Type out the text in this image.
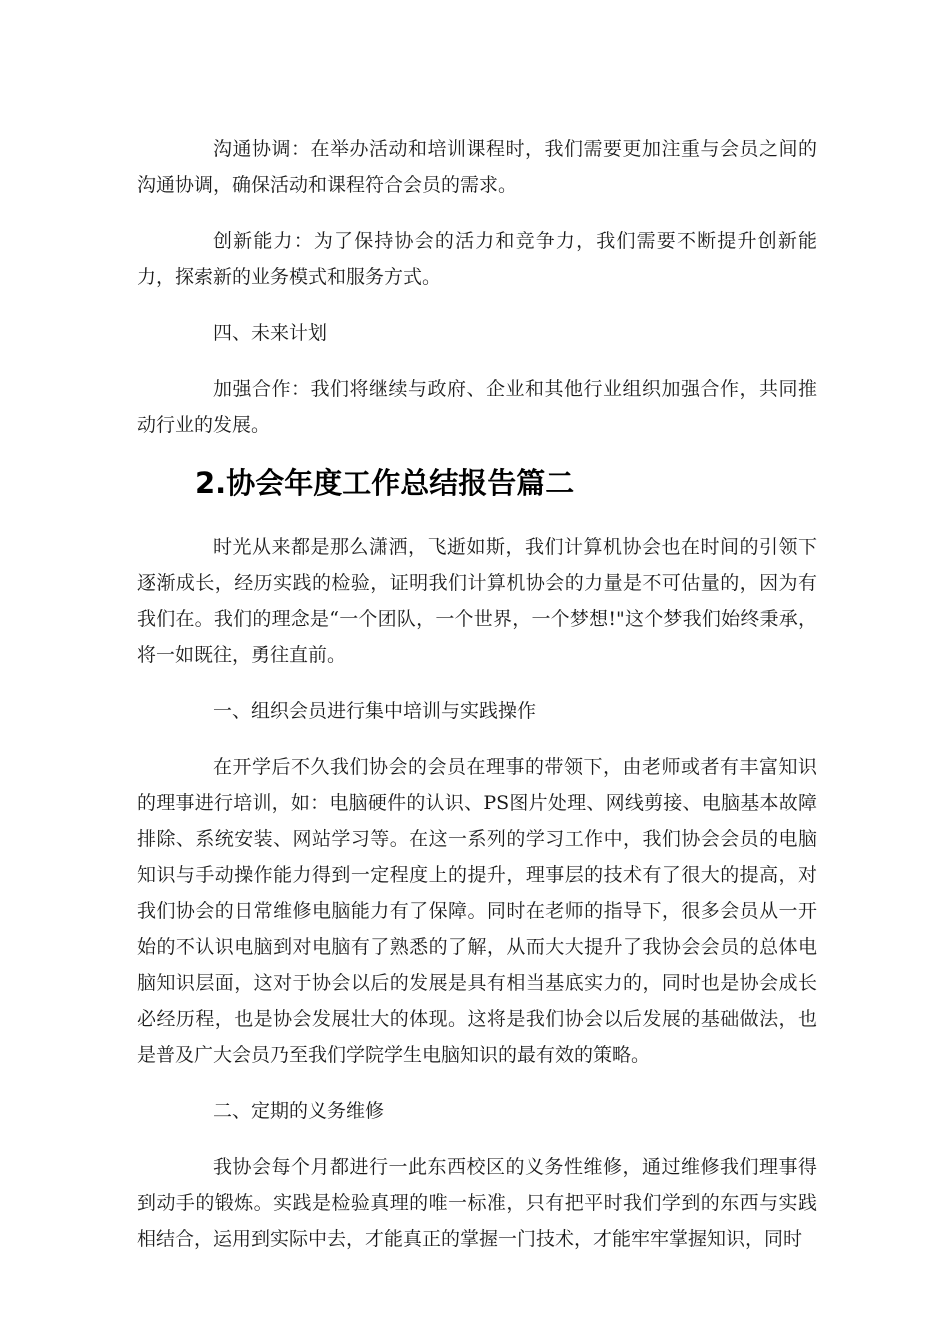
沟通协调：在举办活动和培训课程时，我们需要更加注重与会员之间的沟通协调，确保活动和课程符合会员的需求。

创新能力：为了保持协会的活力和竞争力，我们需要不断提升创新能力，探索新的业务模式和服务方式。

四、未来计划

加强合作：我们将继续与政府、企业和其他行业组织加强合作，共同推动行业的发展。

2.协会年度工作总结报告篇二

时光从来都是那么潇洒，飞逝如斯，我们计算机协会也在时间的引领下逐渐成长，经历实践的检验，证明我们计算机协会的力量是不可估量的，因为有我们在。我们的理念是“一个团队，一个世界，一个梦想!"这个梦我们始终秉承，将一如既往，勇往直前。

一、组织会员进行集中培训与实践操作

在开学后不久我们协会的会员在理事的带领下，由老师或者有丰富知识的理事进行培训，如：电脑硬件的认识、PS图片处理、网线剪接、电脑基本故障排除、系统安装、网站学习等。在这一系列的学习工作中，我们协会会员的电脑知识与手动操作能力得到一定程度上的提升，理事层的技术有了很大的提高，对我们协会的日常维修电脑能力有了保障。同时在老师的指导下，很多会员从一开始的不认识电脑到对电脑有了熟悉的了解，从而大大提升了我协会会员的总体电脑知识层面，这对于协会以后的发展是具有相当基底实力的，同时也是协会成长必经历程，也是协会发展壮大的体现。这将是我们协会以后发展的基础做法，也是普及广大会员乃至我们学院学生电脑知识的最有效的策略。

二、定期的义务维修

我协会每个月都进行一此东西校区的义务性维修，通过维修我们理事得到动手的锻炼。实践是检验真理的唯一标准，只有把平时我们学到的东西与实践相结合，运用到实际中去，才能真正的掌握一门技术，才能牢牢掌握知识，同时
